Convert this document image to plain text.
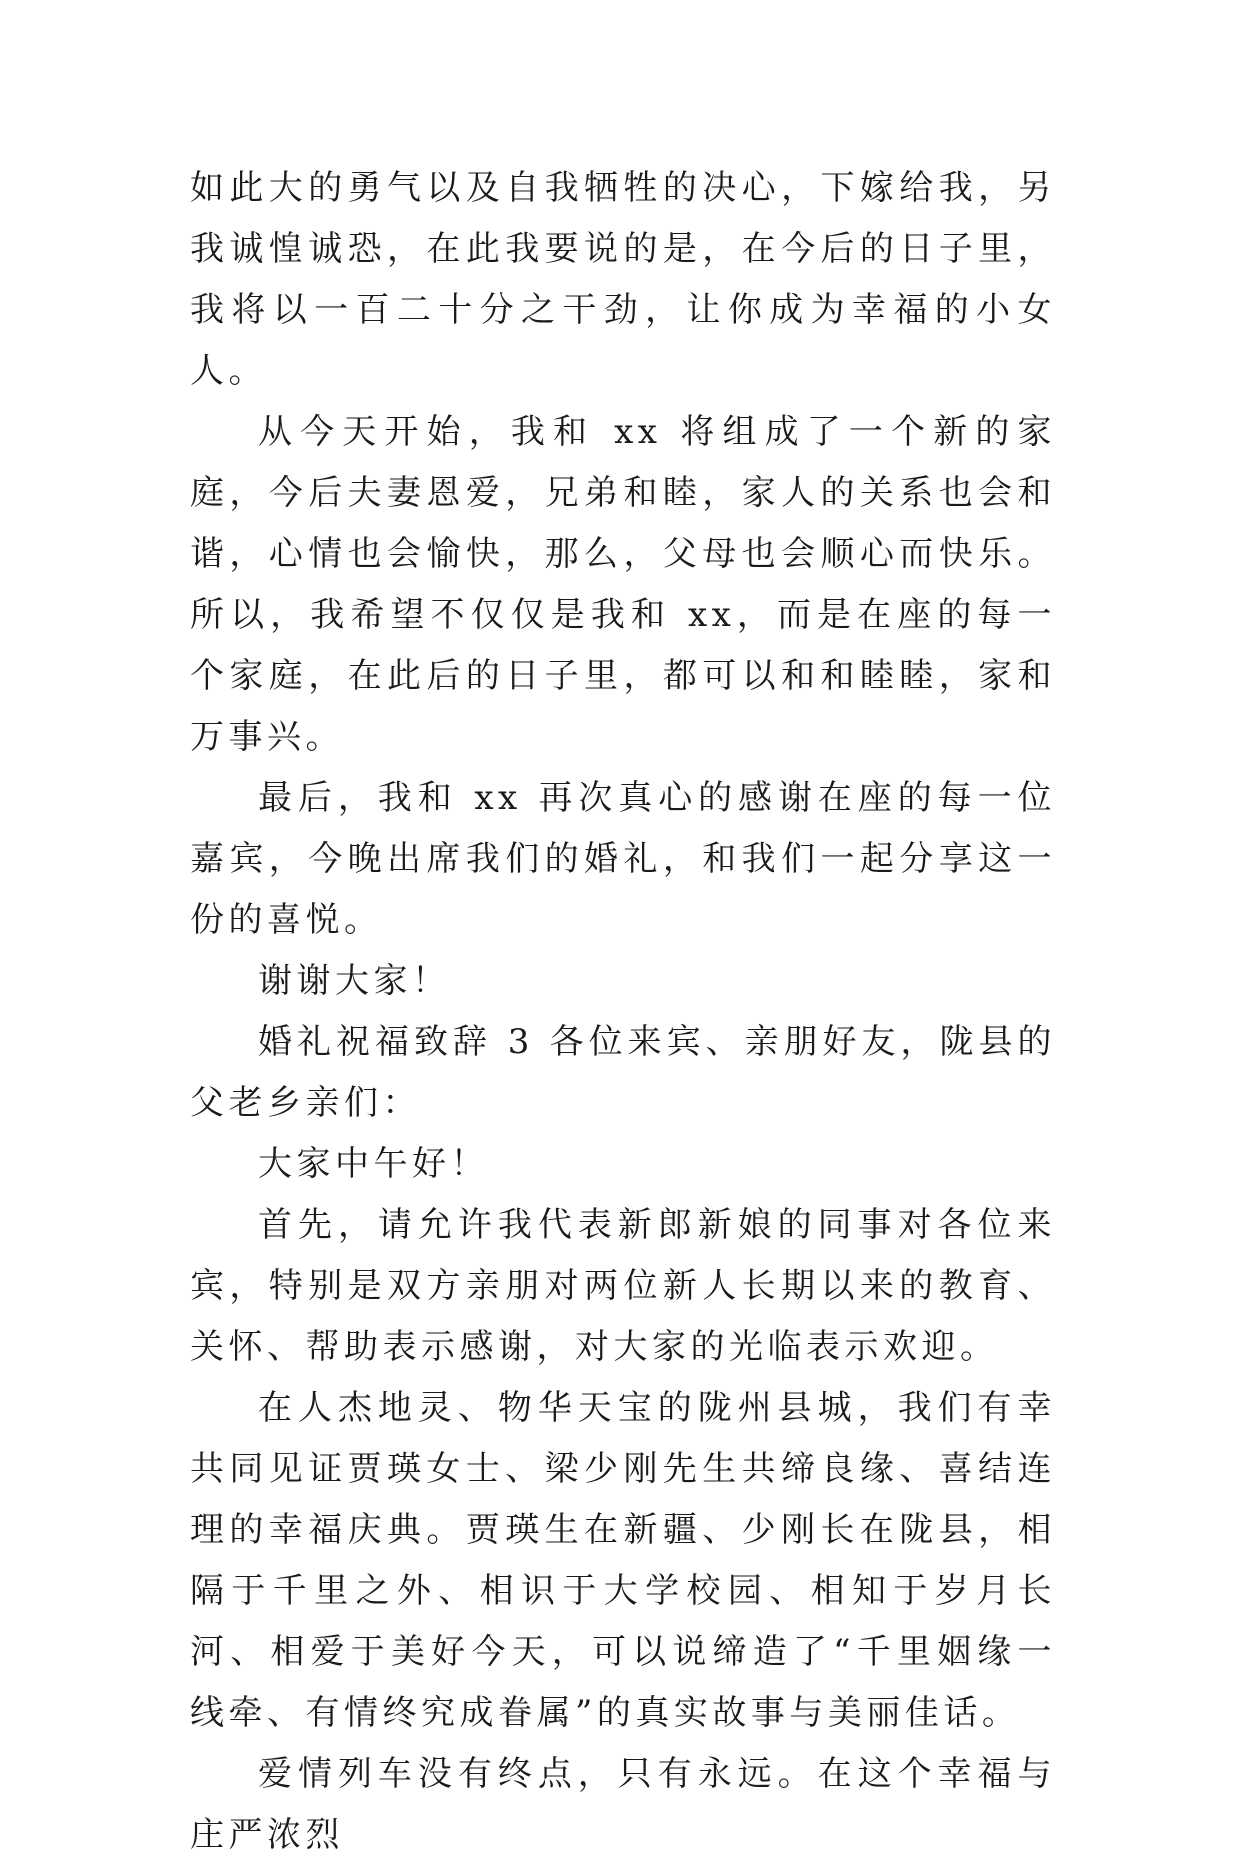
如此大的勇气以及自我牺牲的决心，下嫁给我，另我诚惶诚恐，在此我要说的是，在今后的日子里，我将以一百二十分之干劲，让你成为幸福的小女人。

从今天开始，我和 xx 将组成了一个新的家庭，今后夫妻恩爱，兄弟和睦，家人的关系也会和谐，心情也会愉快，那么，父母也会顺心而快乐。所以，我希望不仅仅是我和 xx，而是在座的每一个家庭，在此后的日子里，都可以和和睦睦，家和万事兴。

最后，我和 xx 再次真心的感谢在座的每一位嘉宾，今晚出席我们的婚礼，和我们一起分享这一份的喜悦。

谢谢大家！

婚礼祝福致辞 3 各位来宾、亲朋好友，陇县的父老乡亲们：

大家中午好！

首先，请允许我代表新郎新娘的同事对各位来宾，特别是双方亲朋对两位新人长期以来的教育、关怀、帮助表示感谢，对大家的光临表示欢迎。

在人杰地灵、物华天宝的陇州县城，我们有幸共同见证贾瑛女士、梁少刚先生共缔良缘、喜结连理的幸福庆典。贾瑛生在新疆、少刚长在陇县，相隔于千里之外、相识于大学校园、相知于岁月长河、相爱于美好今天，可以说缔造了“千里姻缘一线牵、有情终究成眷属”的真实故事与美丽佳话。

爱情列车没有终点，只有永远。在这个幸福与庄严浓烈
